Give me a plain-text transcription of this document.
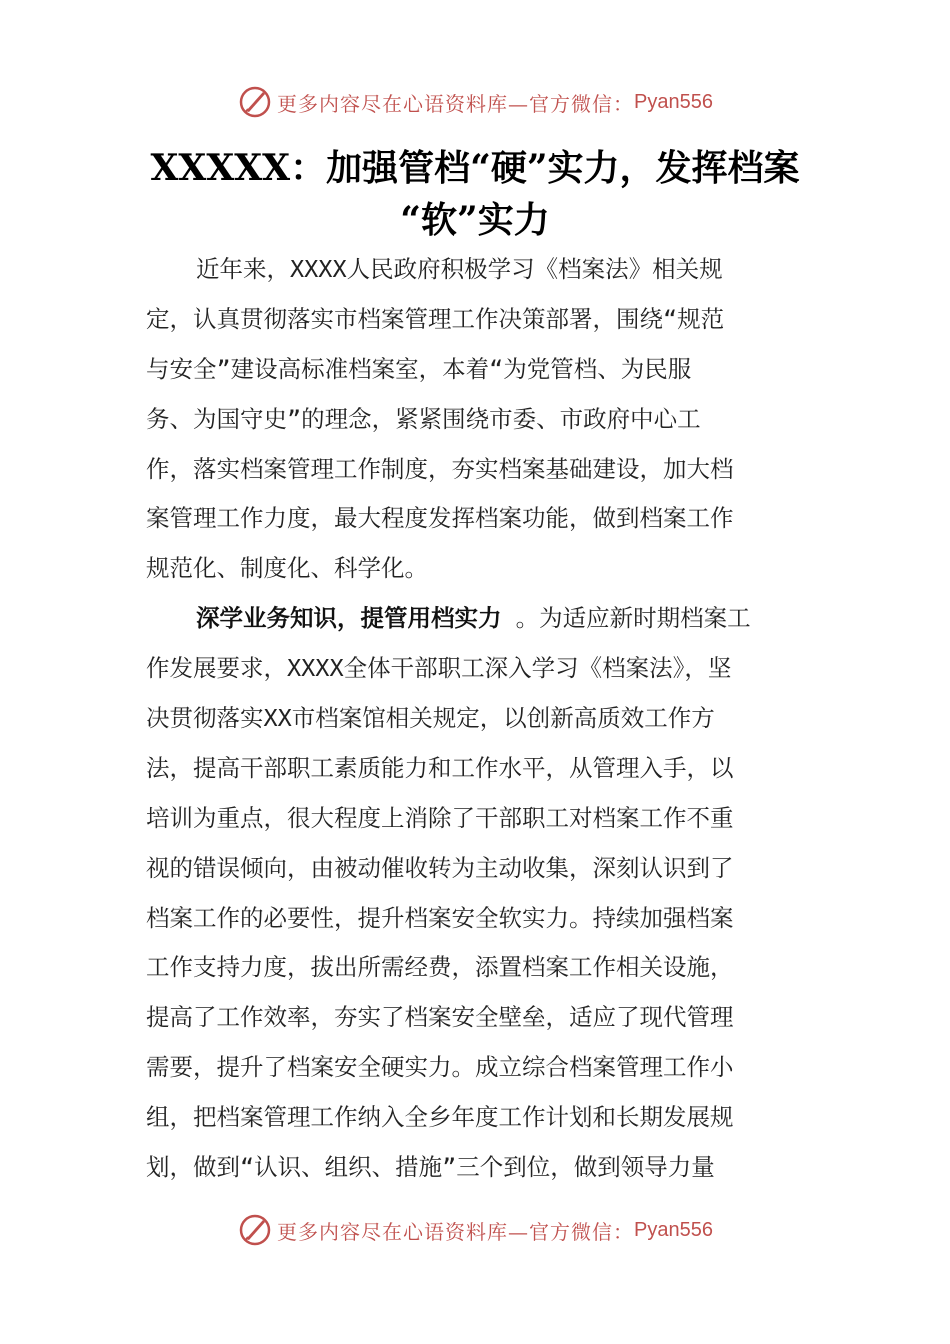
更多内容尽在心语资料库—官方微信： Pyan556
XXXXX：加强管档“硬”实力，发挥档案
“软”实力
近年来，XXXX人民政府积极学习《档案法》相关规
定，认真贯彻落实市档案管理工作决策部署，围绕“规范
与安全”建设高标准档案室，本着“为党管档、为民服
务、为国守史”的理念，紧紧围绕市委、市政府中心工
作，落实档案管理工作制度，夯实档案基础建设，加大档
案管理工作力度，最大程度发挥档案功能，做到档案工作
规范化、制度化、科学化。
深学业务知识，提管用档实力 。为适应新时期档案工
作发展要求，XXXX全体干部职工深入学习《档案法》，坚
决贯彻落实XX市档案馆相关规定，以创新高质效工作方
法，提高干部职工素质能力和工作水平，从管理入手，以
培训为重点，很大程度上消除了干部职工对档案工作不重
视的错误倾向，由被动催收转为主动收集，深刻认识到了
档案工作的必要性，提升档案安全软实力。持续加强档案
工作支持力度，拔出所需经费，添置档案工作相关设施，
提高了工作效率，夯实了档案安全壁垒，适应了现代管理
需要，提升了档案安全硬实力。成立综合档案管理工作小
组，把档案管理工作纳入全乡年度工作计划和长期发展规
划，做到“认识、组织、措施”三个到位，做到领导力量
更多内容尽在心语资料库—官方微信： Pyan556
